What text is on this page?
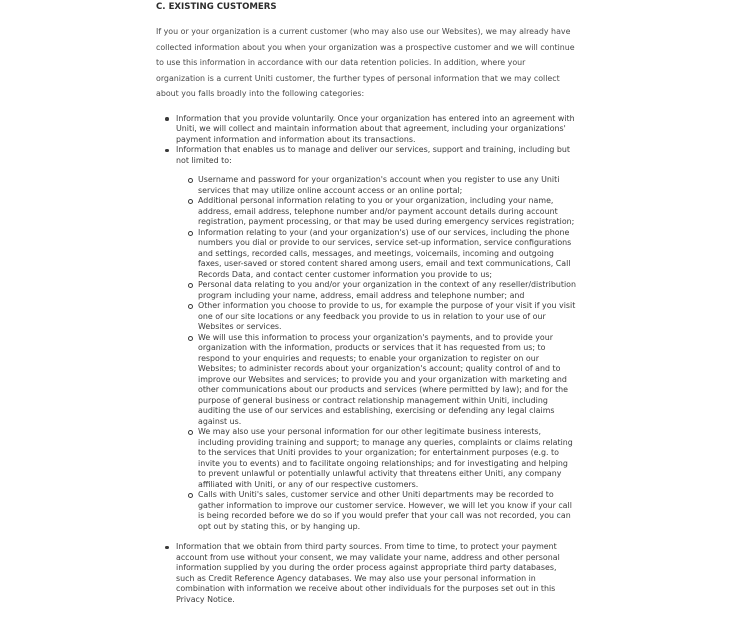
C. EXISTING CUSTOMERS

If you or your organization is a current customer (who may also use our Websites), we may already have collected information about you when your organization was a prospective customer and we will continue to use this information in accordance with our data retention policies. In addition, where your organization is a current Uniti customer, the further types of personal information that we may collect about you falls broadly into the following categories:

Information that you provide voluntarily. Once your organization has entered into an agreement with Uniti, we will collect and maintain information about that agreement, including your organizations' payment information and information about its transactions.
Information that enables us to manage and deliver our services, support and training, including but not limited to:
Username and password for your organization's account when you register to use any Uniti services that may utilize online account access or an online portal;
Additional personal information relating to you or your organization, including your name, address, email address, telephone number and/or payment account details during account registration, payment processing, or that may be used during emergency services registration;
Information relating to your (and your organization's) use of our services, including the phone numbers you dial or provide to our services, service set-up information, service configurations and settings, recorded calls, messages, and meetings, voicemails, incoming and outgoing faxes, user-saved or stored content shared among users, email and text communications, Call Records Data, and contact center customer information you provide to us;
Personal data relating to you and/or your organization in the context of any reseller/distribution program including your name, address, email address and telephone number; and
Other information you choose to provide to us, for example the purpose of your visit if you visit one of our site locations or any feedback you provide to us in relation to your use of our Websites or services.
We will use this information to process your organization's payments, and to provide your organization with the information, products or services that it has requested from us; to respond to your enquiries and requests; to enable your organization to register on our Websites; to administer records about your organization's account; quality control of and to improve our Websites and services; to provide you and your organization with marketing and other communications about our products and services (where permitted by law); and for the purpose of general business or contract relationship management within Uniti, including auditing the use of our services and establishing, exercising or defending any legal claims against us.
We may also use your personal information for our other legitimate business interests, including providing training and support; to manage any queries, complaints or claims relating to the services that Uniti provides to your organization; for entertainment purposes (e.g. to invite you to events) and to facilitate ongoing relationships; and for investigating and helping to prevent unlawful or potentially unlawful activity that threatens either Uniti, any company affiliated with Uniti, or any of our respective customers.
Calls with Uniti's sales, customer service and other Uniti departments may be recorded to gather information to improve our customer service. However, we will let you know if your call is being recorded before we do so if you would prefer that your call was not recorded, you can opt out by stating this, or by hanging up.
Information that we obtain from third party sources. From time to time, to protect your payment account from use without your consent, we may validate your name, address and other personal information supplied by you during the order process against appropriate third party databases, such as Credit Reference Agency databases. We may also use your personal information in combination with information we receive about other individuals for the purposes set out in this Privacy Notice.
